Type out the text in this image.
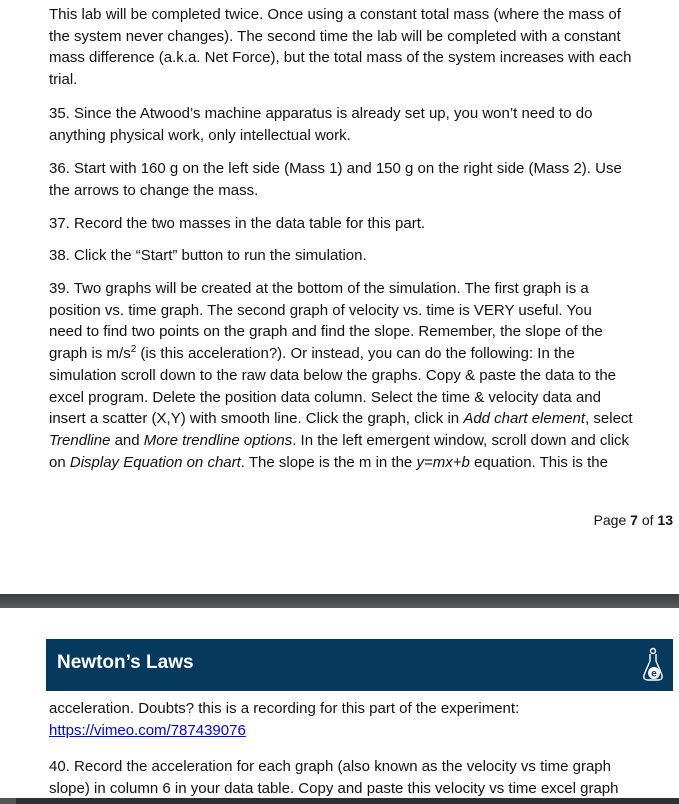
This lab will be completed twice. Once using a constant total mass (where the mass of
the system never changes). The second time the lab will be completed with a constant
mass difference (a.k.a. Net Force), but the total mass of the system increases with each
trial.
35. Since the Atwood’s machine apparatus is already set up, you won’t need to do
anything physical work, only intellectual work.
36. Start with 160 g on the left side (Mass 1) and 150 g on the right side (Mass 2). Use
the arrows to change the mass.
37. Record the two masses in the data table for this part.
38. Click the “Start” button to run the simulation.
39. Two graphs will be created at the bottom of the simulation. The first graph is a
position vs. time graph. The second graph of velocity vs. time is VERY useful. You
need to find two points on the graph and find the slope. Remember, the slope of the
graph is $m/s^2$ (is this acceleration?). Or instead, you can do the following: In the
simulation scroll down to the raw data below the graphs. Copy & paste the data to the
excel program. Delete the position data column. Select the time & velocity data and
insert a scatter (X,Y) with smooth line. Click the graph, click in Add chart element, select
Trendline and More trendline options. In the left emergent window, scroll down and click
on Display Equation on chart. The slope is the m in the y=mx+b equation. This is the
Page 7 of 13
Newton’s Laws
e
acceleration. Doubts? this is a recording for this part of the experiment:
https://vimeo.com/787439076
40. Record the acceleration for each graph (also known as the velocity vs time graph
slope) in column 6 in your data table. Copy and paste this velocity vs time excel graph
